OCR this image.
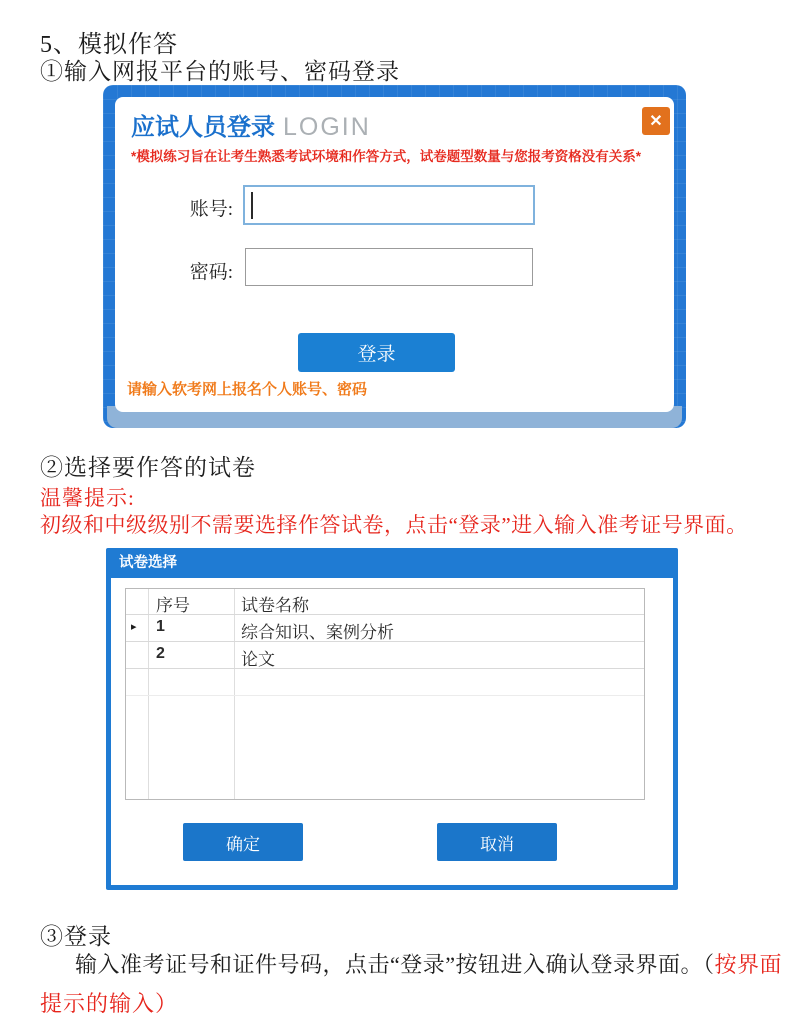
5、模拟作答
①输入网报平台的账号、密码登录
应试人员登录 LOGIN	✕
*模拟练习旨在让考生熟悉考试环境和作答方式，试卷题型数量与您报考资格没有关系*
账号:
密码:
登录
请输入软考网上报名个人账号、密码
②选择要作答的试卷
温馨提示:
初级和中级级别不需要选择作答试卷，点击“登录”进入输入准考证号界面。
试卷选择
序号	试卷名称
▸ 1	综合知识、案例分析
2	论文
确定	取消
③登录
输入准考证号和证件号码，点击“登录”按钮进入确认登录界面。（按界面
提示的输入）
